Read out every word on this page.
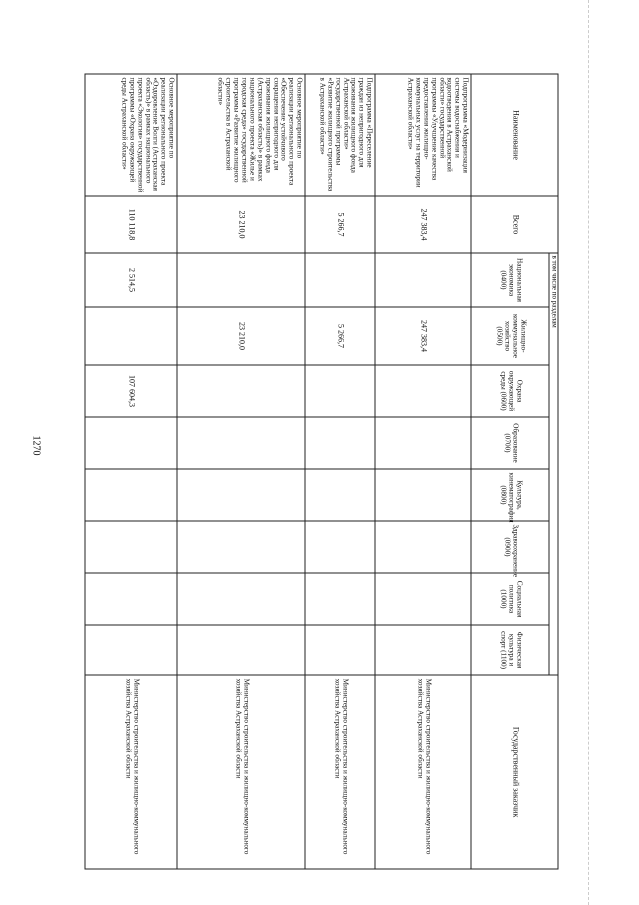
1270
Наименование	Всего	в том числе по разделам								Государственный заказчик
		Национальная экономика (0400)	Жилищно-коммунальное хозяйство (0500)	Охрана окружающей среды (0600)	Образование (0700)	Культура, кинематография (0800)	Здравоохранение (0900)	Социальная политика (1000)	Физическая культура и спорт (1100)	
Подпрограмма «Модернизация системы водоснабжения и водоотведения в Астраханской области» государственной программы «Улучшение качества предоставления жилищно-коммунальных услуг на территории Астраханской области»	247 383,4		247 383,4							Министерство строительства и жилищно-коммунального хозяйства Астраханской области
Подпрограмма «Переселение граждан из непригодного для проживания жилищного фонда Астраханской области» государственной программы «Развитие жилищного строительства в Астраханской области»	5 266,7		5 266,7							Министерство строительства и жилищно-коммунального хозяйства Астраханской области
Основное мероприятие по реализации регионального проекта «Обеспечение устойчивого сокращения непригодного для проживания жилищного фонда (Астраханская область)» в рамках национального проекта «Жилье и городская среда» государственной программы «Развитие жилищного строительства в Астраханской области»	23 210,0		23 210,0							Министерство строительства и жилищно-коммунального хозяйства Астраханской области
Основное мероприятие по реализации регионального проекта «Оздоровление Волги (Астраханская область)» в рамках национального проекта «Экология» государственной программы «Охрана окружающей среды Астраханской области»	110 118,8	2 514,5		107 604,3						Министерство строительства и жилищно-коммунального хозяйства Астраханской области
